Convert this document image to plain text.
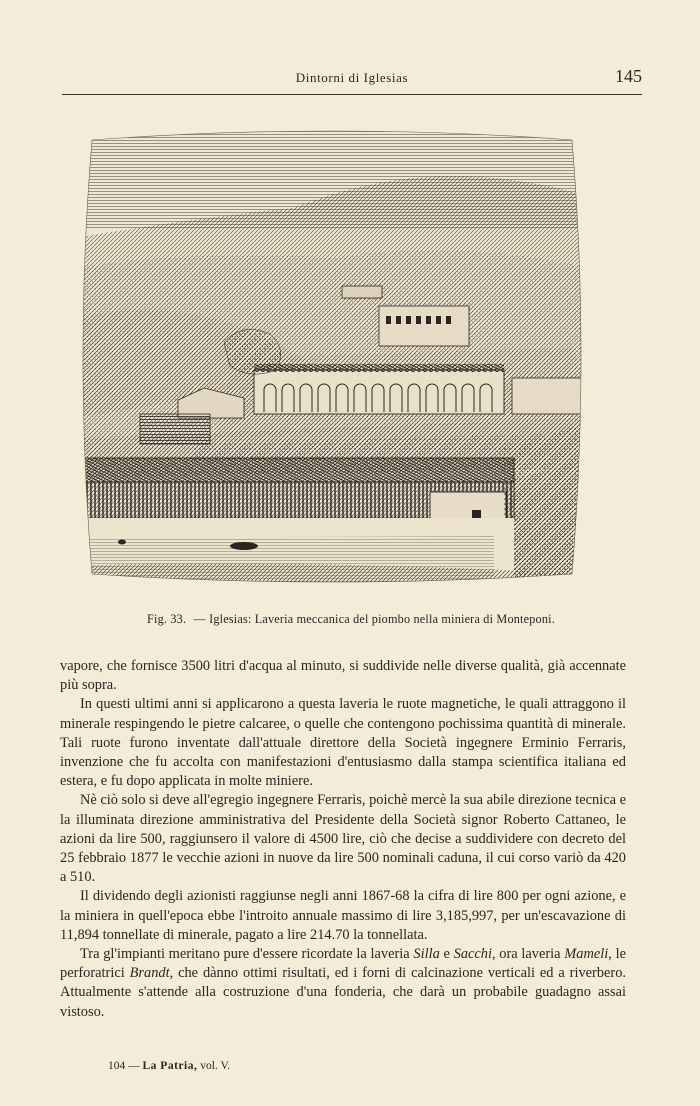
Dintorni di Iglesias	145
Fig. 33. — Iglesias: Laveria meccanica del piombo nella miniera di Monteponi.

vapore, che fornisce 3500 litri d'acqua al minuto, si suddivide nelle diverse qualità, già accennate più sopra.

In questi ultimi anni si applicarono a questa laveria le ruote magnetiche, le quali attraggono il minerale respingendo le pietre calcaree, o quelle che contengono pochissima quantità di minerale. Tali ruote furono inventate dall'attuale direttore della Società ingegnere Erminio Ferraris, invenzione che fu accolta con manifestazioni d'entusiasmo dalla stampa scientifica italiana ed estera, e fu dopo applicata in molte miniere.

Nè ciò solo si deve all'egregio ingegnere Ferraris, poichè mercè la sua abile direzione tecnica e la illuminata direzione amministrativa del Presidente della Società signor Roberto Cattaneo, le azioni da lire 500, raggiunsero il valore di 4500 lire, ciò che decise a suddividere con decreto del 25 febbraio 1877 le vecchie azioni in nuove da lire 500 nominali caduna, il cui corso variò da 420 a 510.

Il dividendo degli azionisti raggiunse negli anni 1867-68 la cifra di lire 800 per ogni azione, e la miniera in quell'epoca ebbe l'introito annuale massimo di lire 3,185,997, per un'escavazione di 11,894 tonnellate di minerale, pagato a lire 214.70 la tonnellata.

Tra gl'impianti meritano pure d'essere ricordate la laveria Silla e Sacchi, ora laveria Mameli, le perforatrici Brandt, che dànno ottimi risultati, ed i forni di calcinazione verticali ed a riverbero. Attualmente s'attende alla costruzione d'una fonderia, che darà un probabile guadagno assai vistoso.

104 — La Patria, vol. V.
